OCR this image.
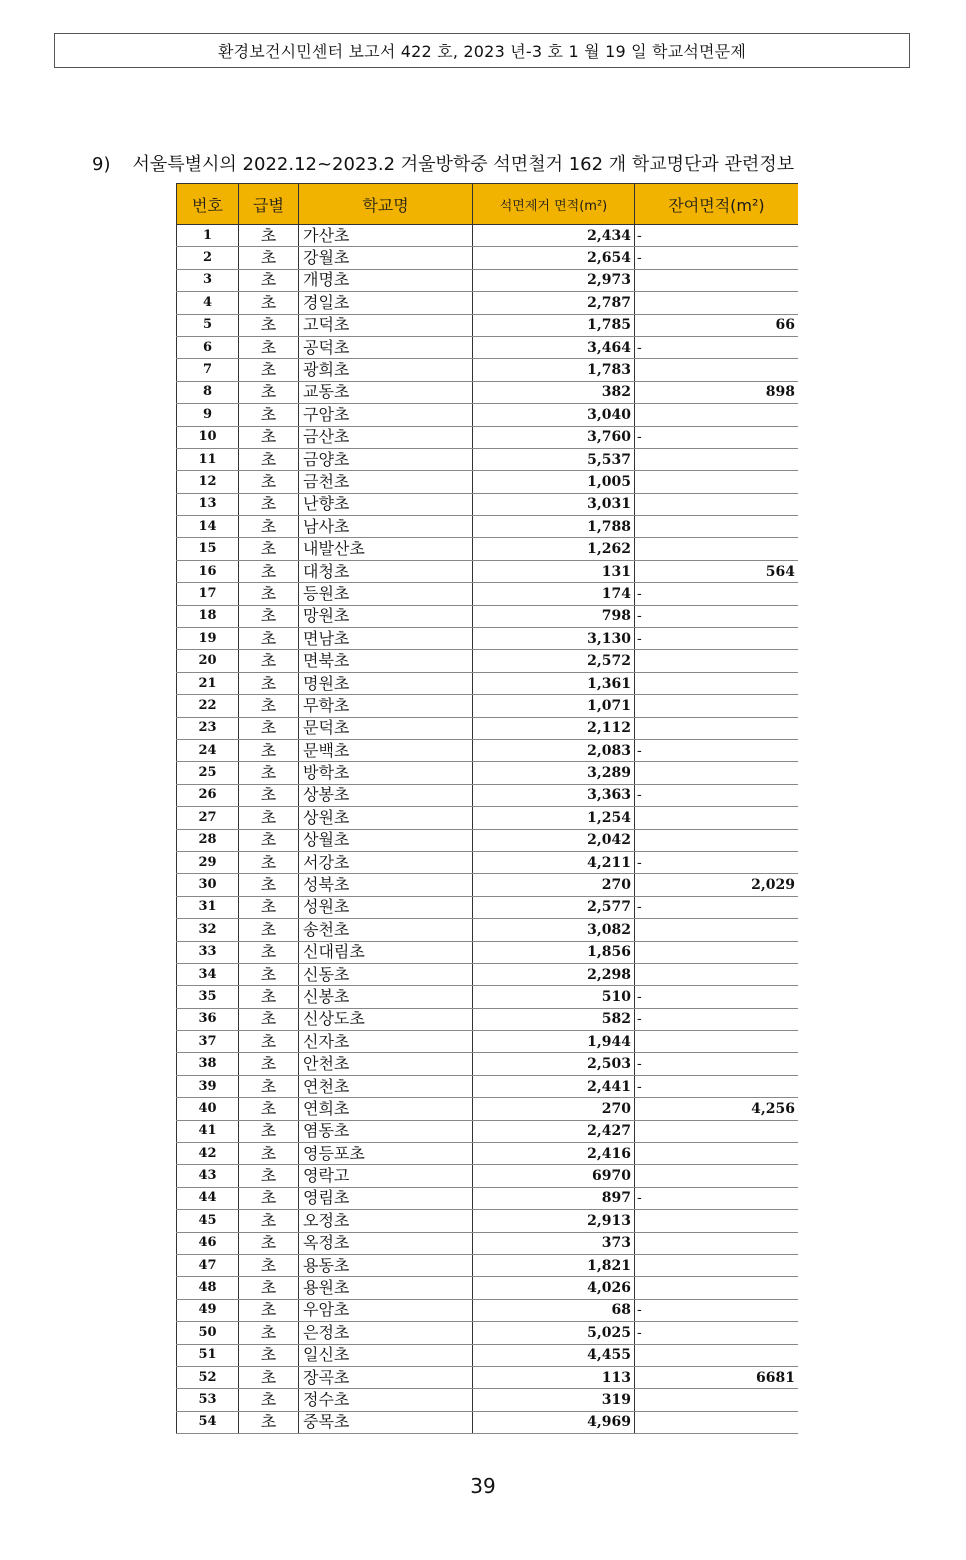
환경보건시민센터 보고서 422 호, 2023 년-3 호 1 월 19 일 학교석면문제
9) 서울특별시의 2022.12~2023.2 겨울방학중 석면철거 162 개 학교명단과 관련정보
번호	급별	학교명	석면제거 면적(m²)	잔여면적(m²)
1	초	가산초	2,434	-
2	초	강월초	2,654	-
3	초	개명초	2,973	
4	초	경일초	2,787	
5	초	고덕초	1,785	66
6	초	공덕초	3,464	-
7	초	광희초	1,783	
8	초	교동초	382	898
9	초	구암초	3,040	
10	초	금산초	3,760	-
11	초	금양초	5,537	
12	초	금천초	1,005	
13	초	난향초	3,031	
14	초	남사초	1,788	
15	초	내발산초	1,262	
16	초	대청초	131	564
17	초	등원초	174	-
18	초	망원초	798	-
19	초	면남초	3,130	-
20	초	면북초	2,572	
21	초	명원초	1,361	
22	초	무학초	1,071	
23	초	문덕초	2,112	
24	초	문백초	2,083	-
25	초	방학초	3,289	
26	초	상봉초	3,363	-
27	초	상원초	1,254	
28	초	상월초	2,042	
29	초	서강초	4,211	-
30	초	성북초	270	2,029
31	초	성원초	2,577	-
32	초	송천초	3,082	
33	초	신대림초	1,856	
34	초	신동초	2,298	
35	초	신봉초	510	-
36	초	신상도초	582	-
37	초	신자초	1,944	
38	초	안천초	2,503	-
39	초	연천초	2,441	-
40	초	연희초	270	4,256
41	초	염동초	2,427	
42	초	영등포초	2,416	
43	초	영락고	6970	
44	초	영림초	897	-
45	초	오정초	2,913	
46	초	옥정초	373	
47	초	용동초	1,821	
48	초	용원초	4,026	
49	초	우암초	68	-
50	초	은정초	5,025	-
51	초	일신초	4,455	
52	초	장곡초	113	6681
53	초	정수초	319	
54	초	중목초	4,969	
39
